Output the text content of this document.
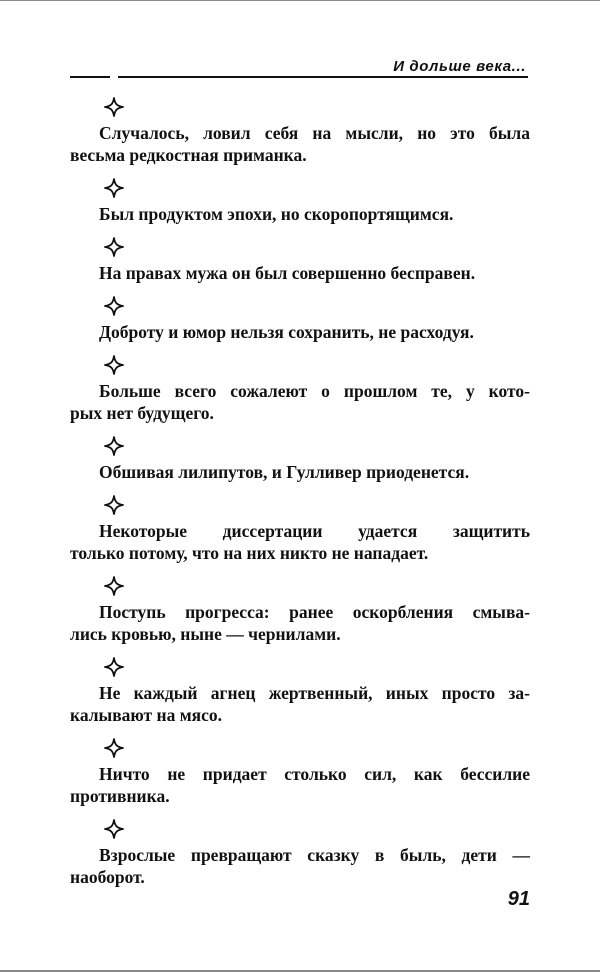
И дольше века...
Случалось, ловил себя на мысли, но это была
весьма редкостная приманка.
Был продуктом эпохи, но скоропортящимся.
На правах мужа он был совершенно бесправен.
Доброту и юмор нельзя сохранить, не расходуя.
Больше всего сожалеют о прошлом те, у кото-
рых нет будущего.
Обшивая лилипутов, и Гулливер приоденется.
Некоторые диссертации удается защитить
только потому, что на них никто не нападает.
Поступь прогресса: ранее оскорбления смыва-
лись кровью, ныне — чернилами.
Не каждый агнец жертвенный, иных просто за-
калывают на мясо.
Ничто не придает столько сил, как бессилие
противника.
Взрослые превращают сказку в быль, дети —
наоборот.
91
